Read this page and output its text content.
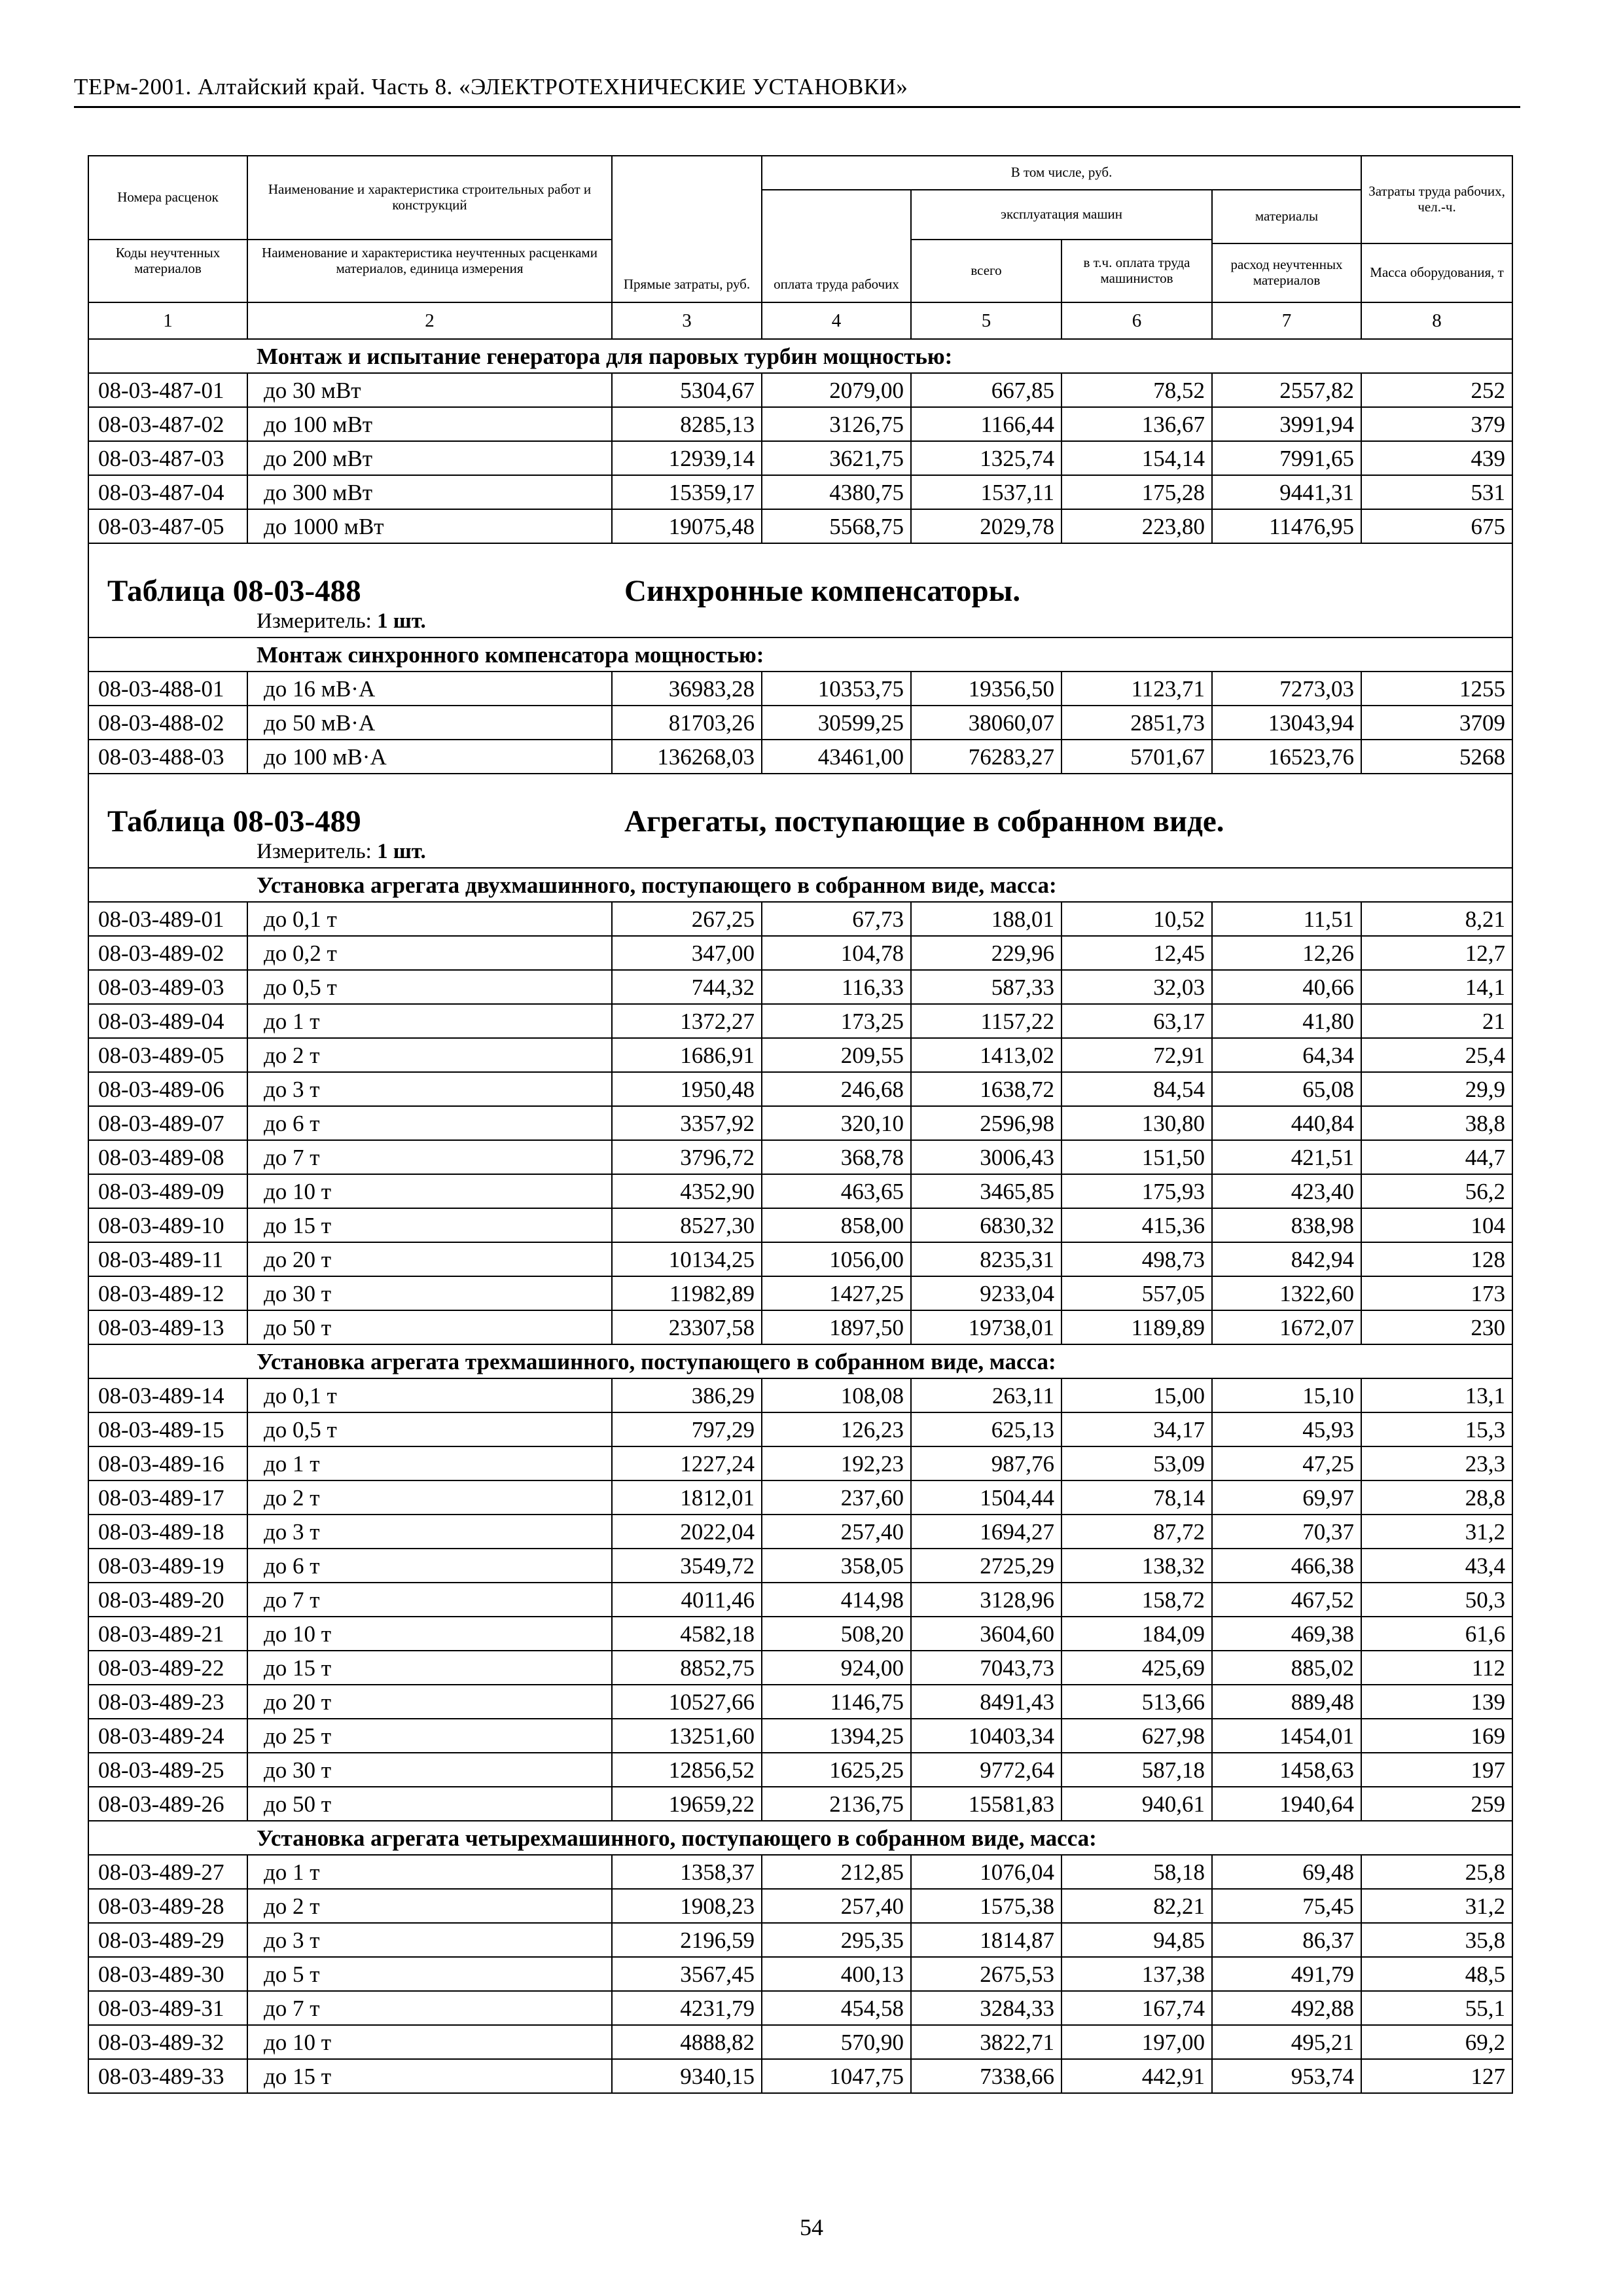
ТЕРм-2001. Алтайский край. Часть 8. «ЭЛЕКТРОТЕХНИЧЕСКИЕ УСТАНОВКИ»
Номера расценок	Наименование и характеристика строительных работ и конструкций	Прямые затраты, руб.	В том числе, руб.				Затраты труда рабочих, чел.-ч.
			оплата труда рабочих	эксплуатация машин		материалы	
Коды неучтенных материалов	Наименование и характеристика неучтенных расценками материалов, единица измерения			всего	в т.ч. оплата труда машинистов		
						расход неучтенных материалов	Масса оборудования, т
1	2	3	4	5	6	7	8
Монтаж и испытание генератора для паровых турбин мощностью:							
08-03-487-01	до 30 мВт	5304,67	2079,00	667,85	78,52	2557,82	252
08-03-487-02	до 100 мВт	8285,13	3126,75	1166,44	136,67	3991,94	379
08-03-487-03	до 200 мВт	12939,14	3621,75	1325,74	154,14	7991,65	439
08-03-487-04	до 300 мВт	15359,17	4380,75	1537,11	175,28	9441,31	531
08-03-487-05	до 1000 мВт	19075,48	5568,75	2029,78	223,80	11476,95	675
Таблица 08-03-488 Синхронные компенсаторы.							
Измеритель: 1 шт.							
Монтаж синхронного компенсатора мощностью:							
08-03-488-01	до 16 мВ·А	36983,28	10353,75	19356,50	1123,71	7273,03	1255
08-03-488-02	до 50 мВ·А	81703,26	30599,25	38060,07	2851,73	13043,94	3709
08-03-488-03	до 100 мВ·А	136268,03	43461,00	76283,27	5701,67	16523,76	5268
Таблица 08-03-489 Агрегаты, поступающие в собранном виде.							
Измеритель: 1 шт.							
Установка агрегата двухмашинного, поступающего в собранном виде, масса:							
08-03-489-01	до 0,1 т	267,25	67,73	188,01	10,52	11,51	8,21
08-03-489-02	до 0,2 т	347,00	104,78	229,96	12,45	12,26	12,7
08-03-489-03	до 0,5 т	744,32	116,33	587,33	32,03	40,66	14,1
08-03-489-04	до 1 т	1372,27	173,25	1157,22	63,17	41,80	21
08-03-489-05	до 2 т	1686,91	209,55	1413,02	72,91	64,34	25,4
08-03-489-06	до 3 т	1950,48	246,68	1638,72	84,54	65,08	29,9
08-03-489-07	до 6 т	3357,92	320,10	2596,98	130,80	440,84	38,8
08-03-489-08	до 7 т	3796,72	368,78	3006,43	151,50	421,51	44,7
08-03-489-09	до 10 т	4352,90	463,65	3465,85	175,93	423,40	56,2
08-03-489-10	до 15 т	8527,30	858,00	6830,32	415,36	838,98	104
08-03-489-11	до 20 т	10134,25	1056,00	8235,31	498,73	842,94	128
08-03-489-12	до 30 т	11982,89	1427,25	9233,04	557,05	1322,60	173
08-03-489-13	до 50 т	23307,58	1897,50	19738,01	1189,89	1672,07	230
Установка агрегата трехмашинного, поступающего в собранном виде, масса:							
08-03-489-14	до 0,1 т	386,29	108,08	263,11	15,00	15,10	13,1
08-03-489-15	до 0,5 т	797,29	126,23	625,13	34,17	45,93	15,3
08-03-489-16	до 1 т	1227,24	192,23	987,76	53,09	47,25	23,3
08-03-489-17	до 2 т	1812,01	237,60	1504,44	78,14	69,97	28,8
08-03-489-18	до 3 т	2022,04	257,40	1694,27	87,72	70,37	31,2
08-03-489-19	до 6 т	3549,72	358,05	2725,29	138,32	466,38	43,4
08-03-489-20	до 7 т	4011,46	414,98	3128,96	158,72	467,52	50,3
08-03-489-21	до 10 т	4582,18	508,20	3604,60	184,09	469,38	61,6
08-03-489-22	до 15 т	8852,75	924,00	7043,73	425,69	885,02	112
08-03-489-23	до 20 т	10527,66	1146,75	8491,43	513,66	889,48	139
08-03-489-24	до 25 т	13251,60	1394,25	10403,34	627,98	1454,01	169
08-03-489-25	до 30 т	12856,52	1625,25	9772,64	587,18	1458,63	197
08-03-489-26	до 50 т	19659,22	2136,75	15581,83	940,61	1940,64	259
Установка агрегата четырехмашинного, поступающего в собранном виде, масса:							
08-03-489-27	до 1 т	1358,37	212,85	1076,04	58,18	69,48	25,8
08-03-489-28	до 2 т	1908,23	257,40	1575,38	82,21	75,45	31,2
08-03-489-29	до 3 т	2196,59	295,35	1814,87	94,85	86,37	35,8
08-03-489-30	до 5 т	3567,45	400,13	2675,53	137,38	491,79	48,5
08-03-489-31	до 7 т	4231,79	454,58	3284,33	167,74	492,88	55,1
08-03-489-32	до 10 т	4888,82	570,90	3822,71	197,00	495,21	69,2
08-03-489-33	до 15 т	9340,15	1047,75	7338,66	442,91	953,74	127
54
